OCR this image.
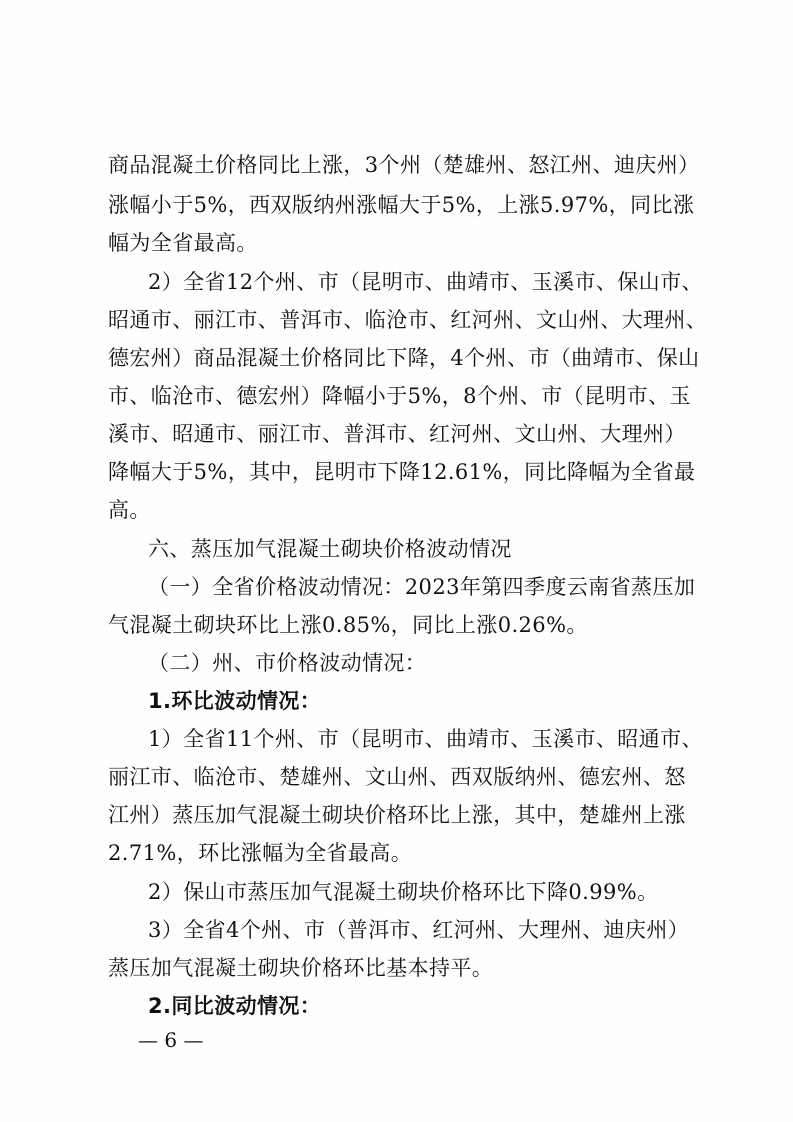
商品混凝土价格同比上涨，3个州（楚雄州、怒江州、迪庆州）
涨幅小于5%，西双版纳州涨幅大于5%，上涨5.97%，同比涨
幅为全省最高。
2）全省12个州、市（昆明市、曲靖市、玉溪市、保山市、
昭通市、丽江市、普洱市、临沧市、红河州、文山州、大理州、
德宏州）商品混凝土价格同比下降，4个州、市（曲靖市、保山
市、临沧市、德宏州）降幅小于5%，8个州、市（昆明市、玉
溪市、昭通市、丽江市、普洱市、红河州、文山州、大理州）
降幅大于5%，其中，昆明市下降12.61%，同比降幅为全省最
高。
六、蒸压加气混凝土砌块价格波动情况
（一）全省价格波动情况：2023年第四季度云南省蒸压加
气混凝土砌块环比上涨0.85%，同比上涨0.26%。
（二）州、市价格波动情况：
1.环比波动情况：
1）全省11个州、市（昆明市、曲靖市、玉溪市、昭通市、
丽江市、临沧市、楚雄州、文山州、西双版纳州、德宏州、怒
江州）蒸压加气混凝土砌块价格环比上涨，其中，楚雄州上涨
2.71%，环比涨幅为全省最高。
2）保山市蒸压加气混凝土砌块价格环比下降0.99%。
3）全省4个州、市（普洱市、红河州、大理州、迪庆州）
蒸压加气混凝土砌块价格环比基本持平。
2.同比波动情况：
— 6 —
